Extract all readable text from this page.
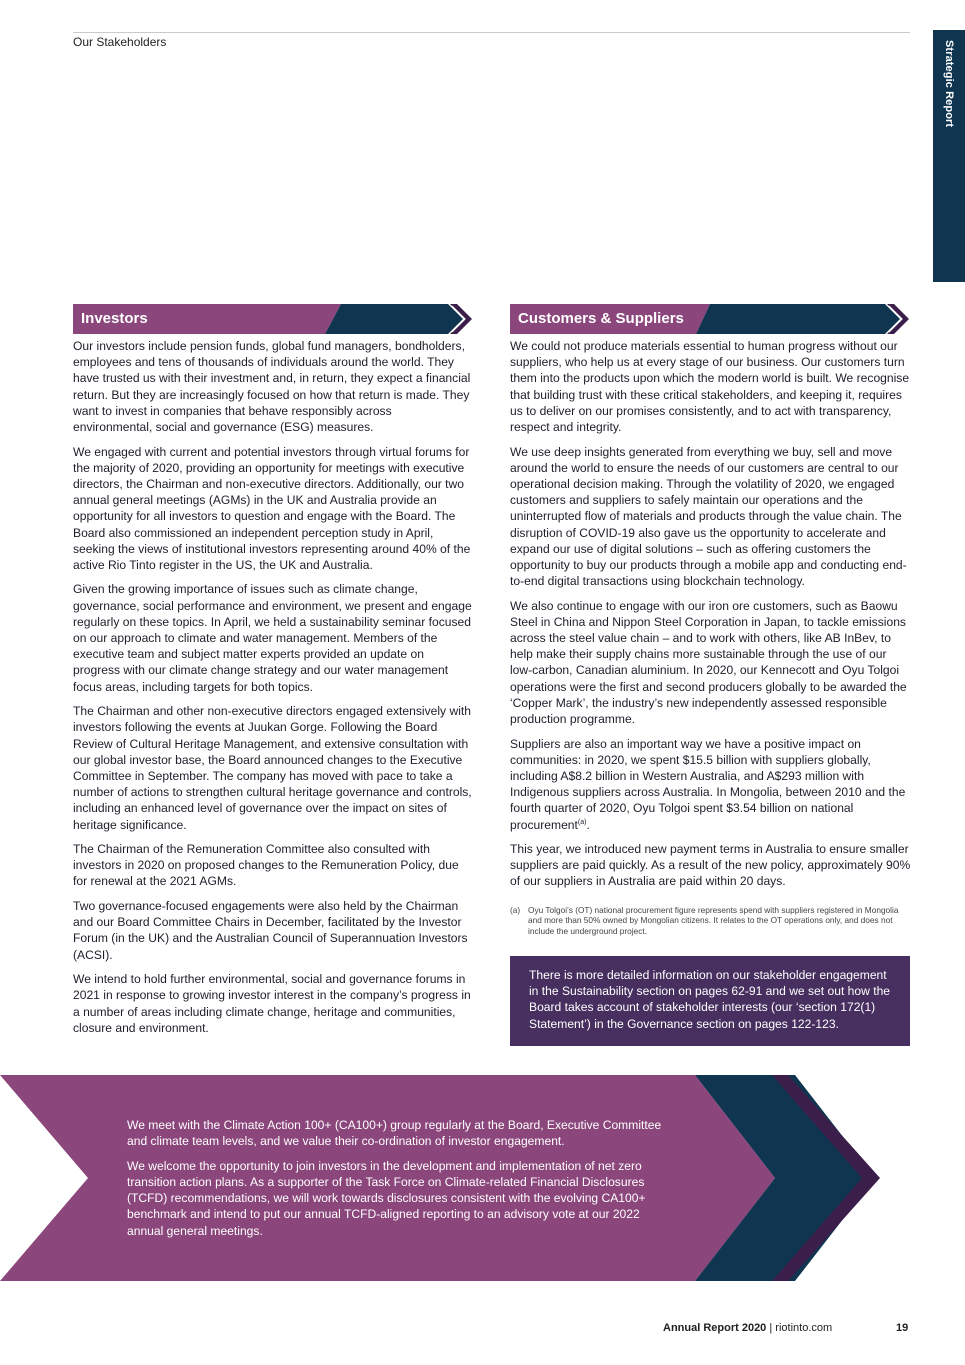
Our Stakeholders	Strategic Report
Investors	Customers & Suppliers

Our investors include pension funds, global fund managers, bondholders, employees and tens of thousands of individuals around the world. They have trusted us with their investment and, in return, they expect a financial return. But they are increasingly focused on how that return is made. They want to invest in companies that behave responsibly across environmental, social and governance (ESG) measures.

We engaged with current and potential investors through virtual forums for the majority of 2020, providing an opportunity for meetings with executive directors, the Chairman and non-executive directors. Additionally, our two annual general meetings (AGMs) in the UK and Australia provide an opportunity for all investors to question and engage with the Board. The Board also commissioned an independent perception study in April, seeking the views of institutional investors representing around 40% of the active Rio Tinto register in the US, the UK and Australia.

Given the growing importance of issues such as climate change, governance, social performance and environment, we present and engage regularly on these topics. In April, we held a sustainability seminar focused on our approach to climate and water management. Members of the executive team and subject matter experts provided an update on progress with our climate change strategy and our water management focus areas, including targets for both topics.

The Chairman and other non-executive directors engaged extensively with investors following the events at Juukan Gorge. Following the Board Review of Cultural Heritage Management, and extensive consultation with our global investor base, the Board announced changes to the Executive Committee in September. The company has moved with pace to take a number of actions to strengthen cultural heritage governance and controls, including an enhanced level of governance over the impact on sites of heritage significance.

The Chairman of the Remuneration Committee also consulted with investors in 2020 on proposed changes to the Remuneration Policy, due for renewal at the 2021 AGMs.

Two governance-focused engagements were also held by the Chairman and our Board Committee Chairs in December, facilitated by the Investor Forum (in the UK) and the Australian Council of Superannuation Investors (ACSI).

We intend to hold further environmental, social and governance forums in 2021 in response to growing investor interest in the company’s progress in a number of areas including climate change, heritage and communities, closure and environment.

We could not produce materials essential to human progress without our suppliers, who help us at every stage of our business. Our customers turn them into the products upon which the modern world is built. We recognise that building trust with these critical stakeholders, and keeping it, requires us to deliver on our promises consistently, and to act with transparency, respect and integrity.

We use deep insights generated from everything we buy, sell and move around the world to ensure the needs of our customers are central to our operational decision making. Through the volatility of 2020, we engaged customers and suppliers to safely maintain our operations and the uninterrupted flow of materials and products through the value chain. The disruption of COVID-19 also gave us the opportunity to accelerate and expand our use of digital solutions – such as offering customers the opportunity to buy our products through a mobile app and conducting end-to-end digital transactions using blockchain technology.

We also continue to engage with our iron ore customers, such as Baowu Steel in China and Nippon Steel Corporation in Japan, to tackle emissions across the steel value chain – and to work with others, like AB InBev, to help make their supply chains more sustainable through the use of our low-carbon, Canadian aluminium. In 2020, our Kennecott and Oyu Tolgoi operations were the first and second producers globally to be awarded the ‘Copper Mark’, the industry’s new independently assessed responsible production programme.

Suppliers are also an important way we have a positive impact on communities: in 2020, we spent $15.5 billion with suppliers globally, including A$8.2 billion in Western Australia, and A$293 million with Indigenous suppliers across Australia. In Mongolia, between 2010 and the fourth quarter of 2020, Oyu Tolgoi spent $3.54 billion on national procurement$^{(a)}$.

This year, we introduced new payment terms in Australia to ensure smaller suppliers are paid quickly. As a result of the new policy, approximately 90% of our suppliers in Australia are paid within 20 days.

(a) Oyu Tolgoi’s (OT) national procurement figure represents spend with suppliers registered in Mongolia and more than 50% owned by Mongolian citizens. It relates to the OT operations only, and does not include the underground project.
There is more detailed information on our stakeholder engagement in the Sustainability section on pages 62-91 and we set out how the Board takes account of stakeholder interests (our ‘section 172(1) Statement’) in the Governance section on pages 122-123.

We meet with the Climate Action 100+ (CA100+) group regularly at the Board, Executive Committee and climate team levels, and we value their co-ordination of investor engagement.

We welcome the opportunity to join investors in the development and implementation of net zero transition action plans. As a supporter of the Task Force on Climate-related Financial Disclosures (TCFD) recommendations, we will work towards disclosures consistent with the evolving CA100+ benchmark and intend to put our annual TCFD-aligned reporting to an advisory vote at our 2022 annual general meetings.

Annual Report 2020 | riotinto.com	19
